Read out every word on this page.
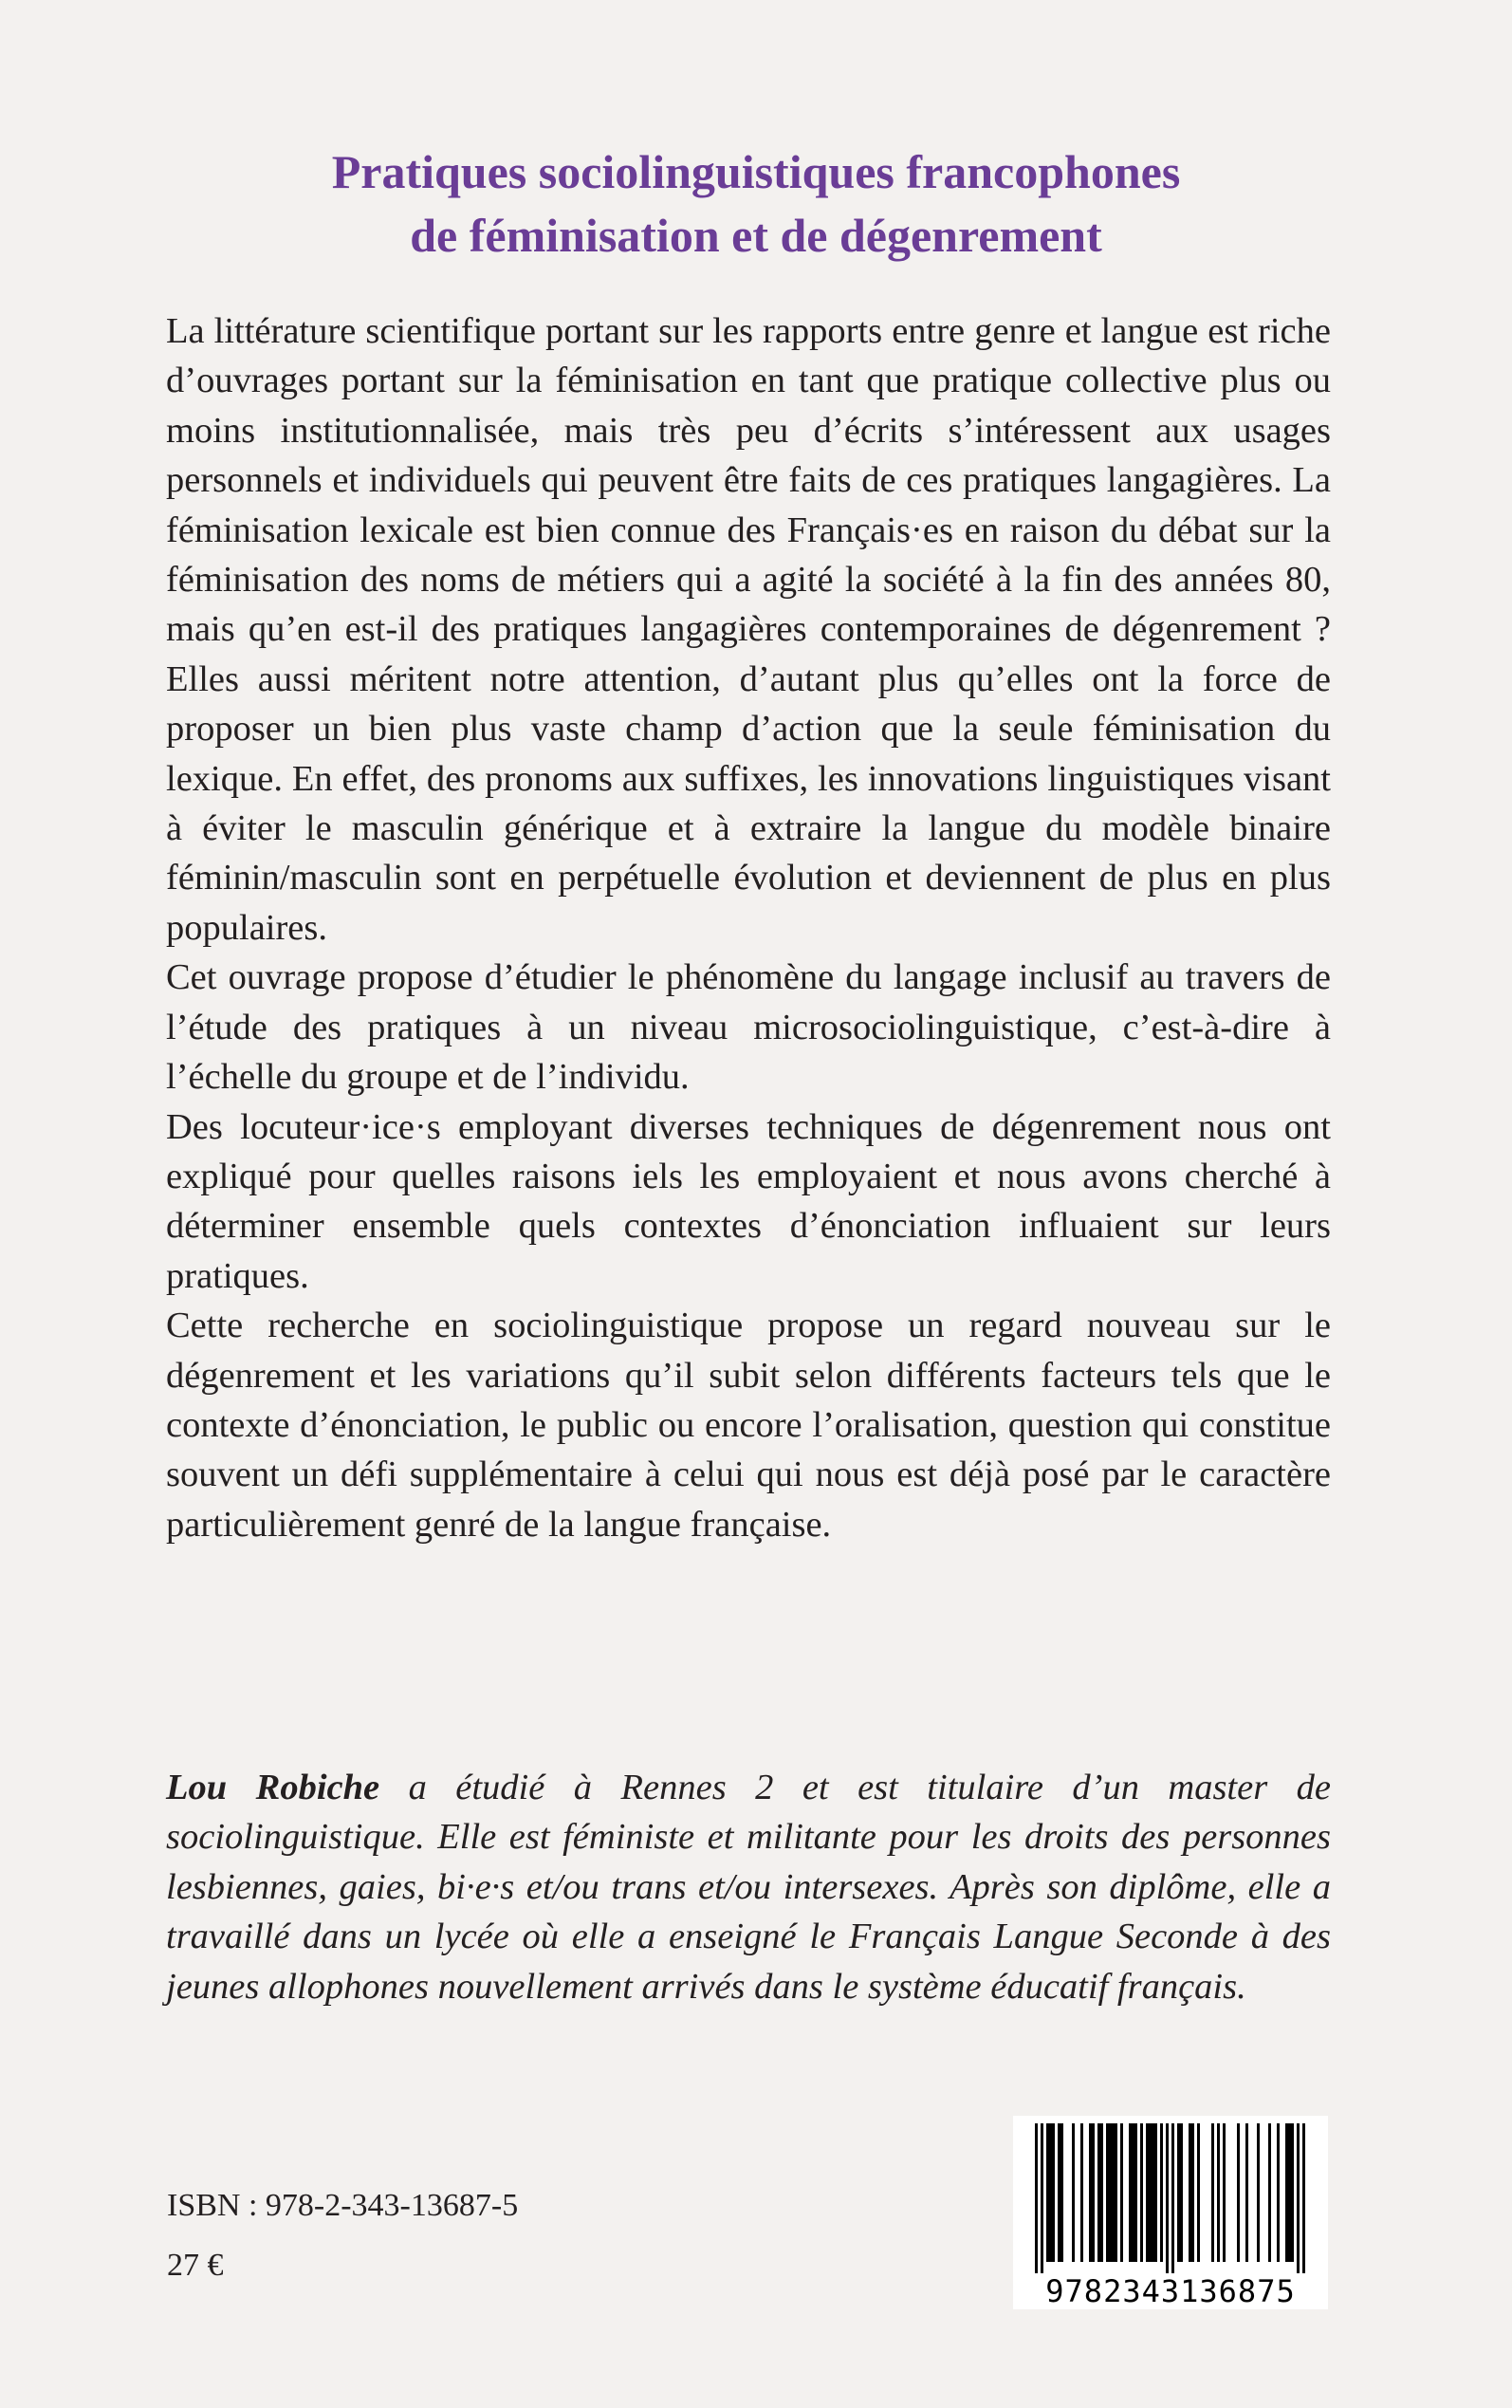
Pratiques sociolinguistiques francophones
de féminisation et de dégenrement

La littérature scientifique portant sur les rapports entre genre et langue est riche d’ouvrages portant sur la féminisation en tant que pratique collective plus ou moins institutionnalisée, mais très peu d’écrits s’intéressent aux usages personnels et individuels qui peuvent être faits de ces pratiques langagières. La féminisation lexicale est bien connue des Français·es en raison du débat sur la féminisation des noms de métiers qui a agité la société à la fin des années 80, mais qu’en est-il des pratiques langagières contemporaines de dégenrement ? Elles aussi méritent notre attention, d’autant plus qu’elles ont la force de proposer un bien plus vaste champ d’action que la seule féminisation du lexique. En effet, des pronoms aux suffixes, les innovations linguistiques visant à éviter le masculin générique et à extraire la langue du modèle binaire féminin/masculin sont en perpétuelle évolution et deviennent de plus en plus populaires.

Cet ouvrage propose d’étudier le phénomène du langage inclusif au travers de l’étude des pratiques à un niveau microsociolinguistique, c’est-à-dire à l’échelle du groupe et de l’individu.

Des locuteur·ice·s employant diverses techniques de dégenrement nous ont expliqué pour quelles raisons iels les employaient et nous avons cherché à déterminer ensemble quels contextes d’énonciation influaient sur leurs pratiques.

Cette recherche en sociolinguistique propose un regard nouveau sur le dégenrement et les variations qu’il subit selon différents facteurs tels que le contexte d’énonciation, le public ou encore l’oralisation, question qui constitue souvent un défi supplémentaire à celui qui nous est déjà posé par le caractère particulièrement genré de la langue française.

Lou Robiche a étudié à Rennes 2 et est titulaire d’un master de sociolinguistique. Elle est féministe et militante pour les droits des personnes lesbiennes, gaies, bi·e·s et/ou trans et/ou intersexes. Après son diplôme, elle a travaillé dans un lycée où elle a enseigné le Français Langue Seconde à des jeunes allophones nouvellement arrivés dans le système éducatif français.

ISBN : 978-2-343-13687-5
27 €
9782343136875
